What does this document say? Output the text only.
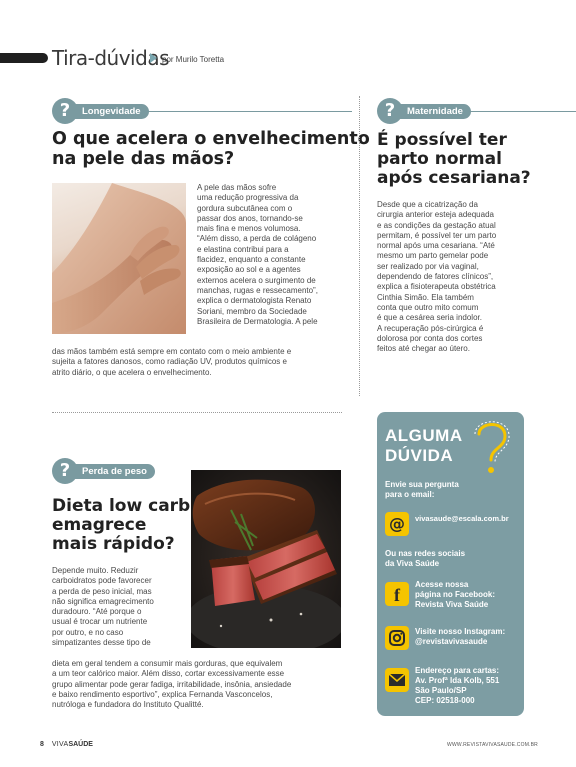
Tira-dúvidas
por Murilo Toretta
?	Longevidade
O que acelera o envelhecimento
na pele das mãos?
A pele das mãos sofre
uma redução progressiva da
gordura subcutânea com o
passar dos anos, tornando-se
mais fina e menos volumosa.
“Além disso, a perda de colágeno
e elastina contribui para a
flacidez, enquanto a constante
exposição ao sol e a agentes
externos acelera o surgimento de
manchas, rugas e ressecamento”,
explica o dermatologista Renato
Soriani, membro da Sociedade
Brasileira de Dermatologia. A pele
das mãos também está sempre em contato com o meio ambiente e
sujeita a fatores danosos, como radiação UV, produtos químicos e
atrito diário, o que acelera o envelhecimento.
?	Maternidade
É possível ter
parto normal
após cesariana?
Desde que a cicatrização da
cirurgia anterior esteja adequada
e as condições da gestação atual
permitam, é possível ter um parto
normal após uma cesariana. “Até
mesmo um parto gemelar pode
ser realizado por via vaginal,
dependendo de fatores clínicos”,
explica a fisioterapeuta obstétrica
Cinthia Simão. Ela também
conta que outro mito comum
é que a cesárea seria indolor.
A recuperação pós-cirúrgica é
dolorosa por conta dos cortes
feitos até chegar ao útero.
?	Perda de peso
Dieta low carb
emagrece
mais rápido?
Depende muito. Reduzir
carboidratos pode favorecer
a perda de peso inicial, mas
não significa emagrecimento
duradouro. “Até porque o
usual é trocar um nutriente
por outro, e no caso
simpatizantes desse tipo de
dieta em geral tendem a consumir mais gorduras, que equivalem
a um teor calórico maior. Além disso, cortar excessivamente esse
grupo alimentar pode gerar fadiga, irritabilidade, insônia, ansiedade
e baixo rendimento esportivo”, explica Fernanda Vasconcelos,
nutróloga e fundadora do Instituto Qualitté.
ALGUMA
DÚVIDA
Envie sua pergunta
para o email:
@	vivasaude@escala.com.br
Ou nas redes sociais
da Viva Saúde
f
Acesse nossa
página no Facebook:
Revista Viva Saúde
Visite nosso Instagram:
@revistavivasaude
Endereço para cartas:
Av. Profª Ida Kolb, 551
São Paulo/SP
CEP: 02518-000
8 VIVASAÚDE	WWW.REVISTAVIVASAUDE.COM.BR
